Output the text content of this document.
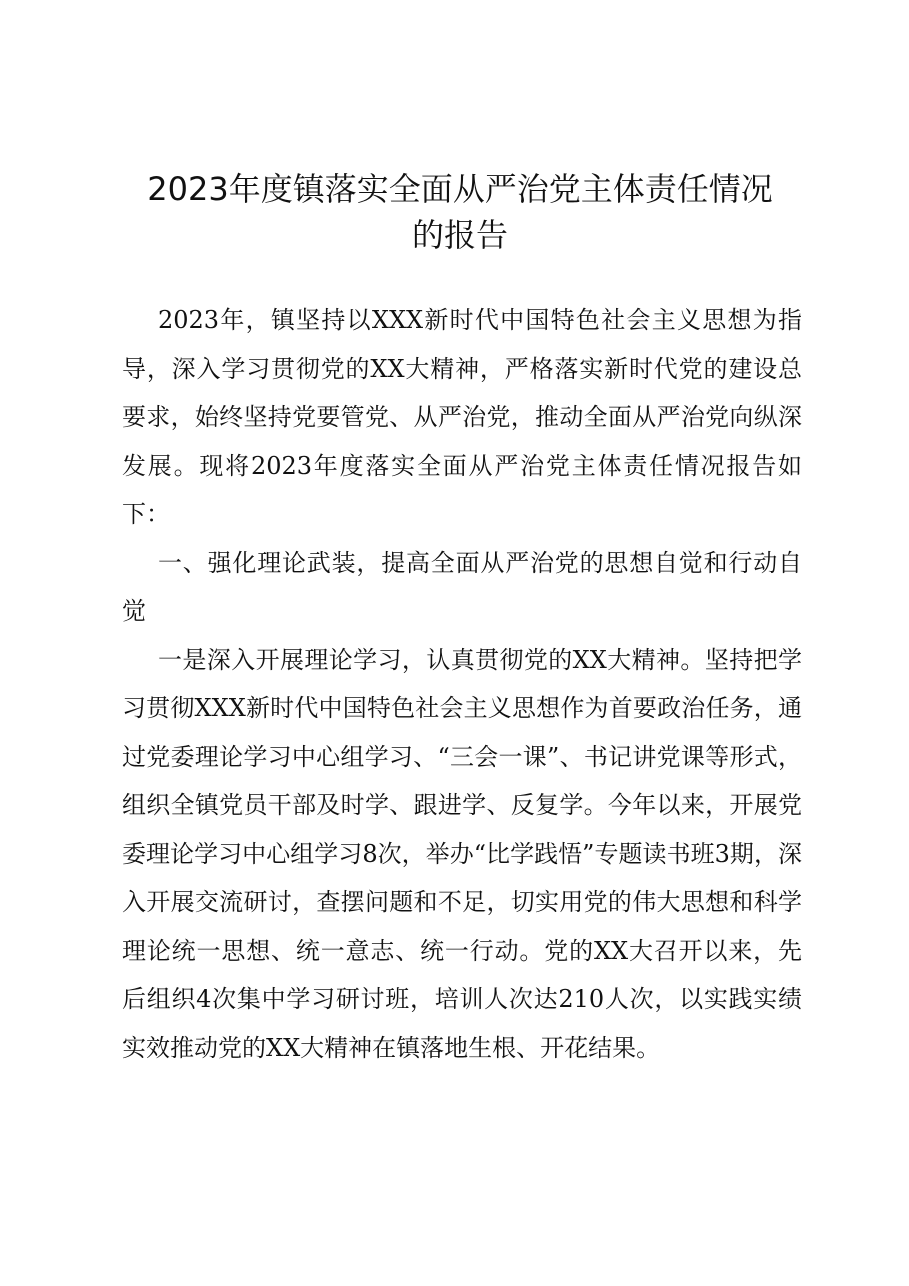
2023年度镇落实全面从严治党主体责任情况
的报告

2023年，镇坚持以XXX新时代中国特色社会主义思想为指导，深入学习贯彻党的XX大精神，严格落实新时代党的建设总要求，始终坚持党要管党、从严治党，推动全面从严治党向纵深发展。现将2023年度落实全面从严治党主体责任情况报告如下：

一、强化理论武装，提高全面从严治党的思想自觉和行动自觉

一是深入开展理论学习，认真贯彻党的XX大精神。坚持把学习贯彻XXX新时代中国特色社会主义思想作为首要政治任务，通过党委理论学习中心组学习、“三会一课”、书记讲党课等形式，组织全镇党员干部及时学、跟进学、反复学。今年以来，开展党委理论学习中心组学习8次，举办“比学践悟”专题读书班3期，深入开展交流研讨，查摆问题和不足，切实用党的伟大思想和科学理论统一思想、统一意志、统一行动。党的XX大召开以来，先后组织4次集中学习研讨班，培训人次达210人次，以实践实绩实效推动党的XX大精神在镇落地生根、开花结果。
